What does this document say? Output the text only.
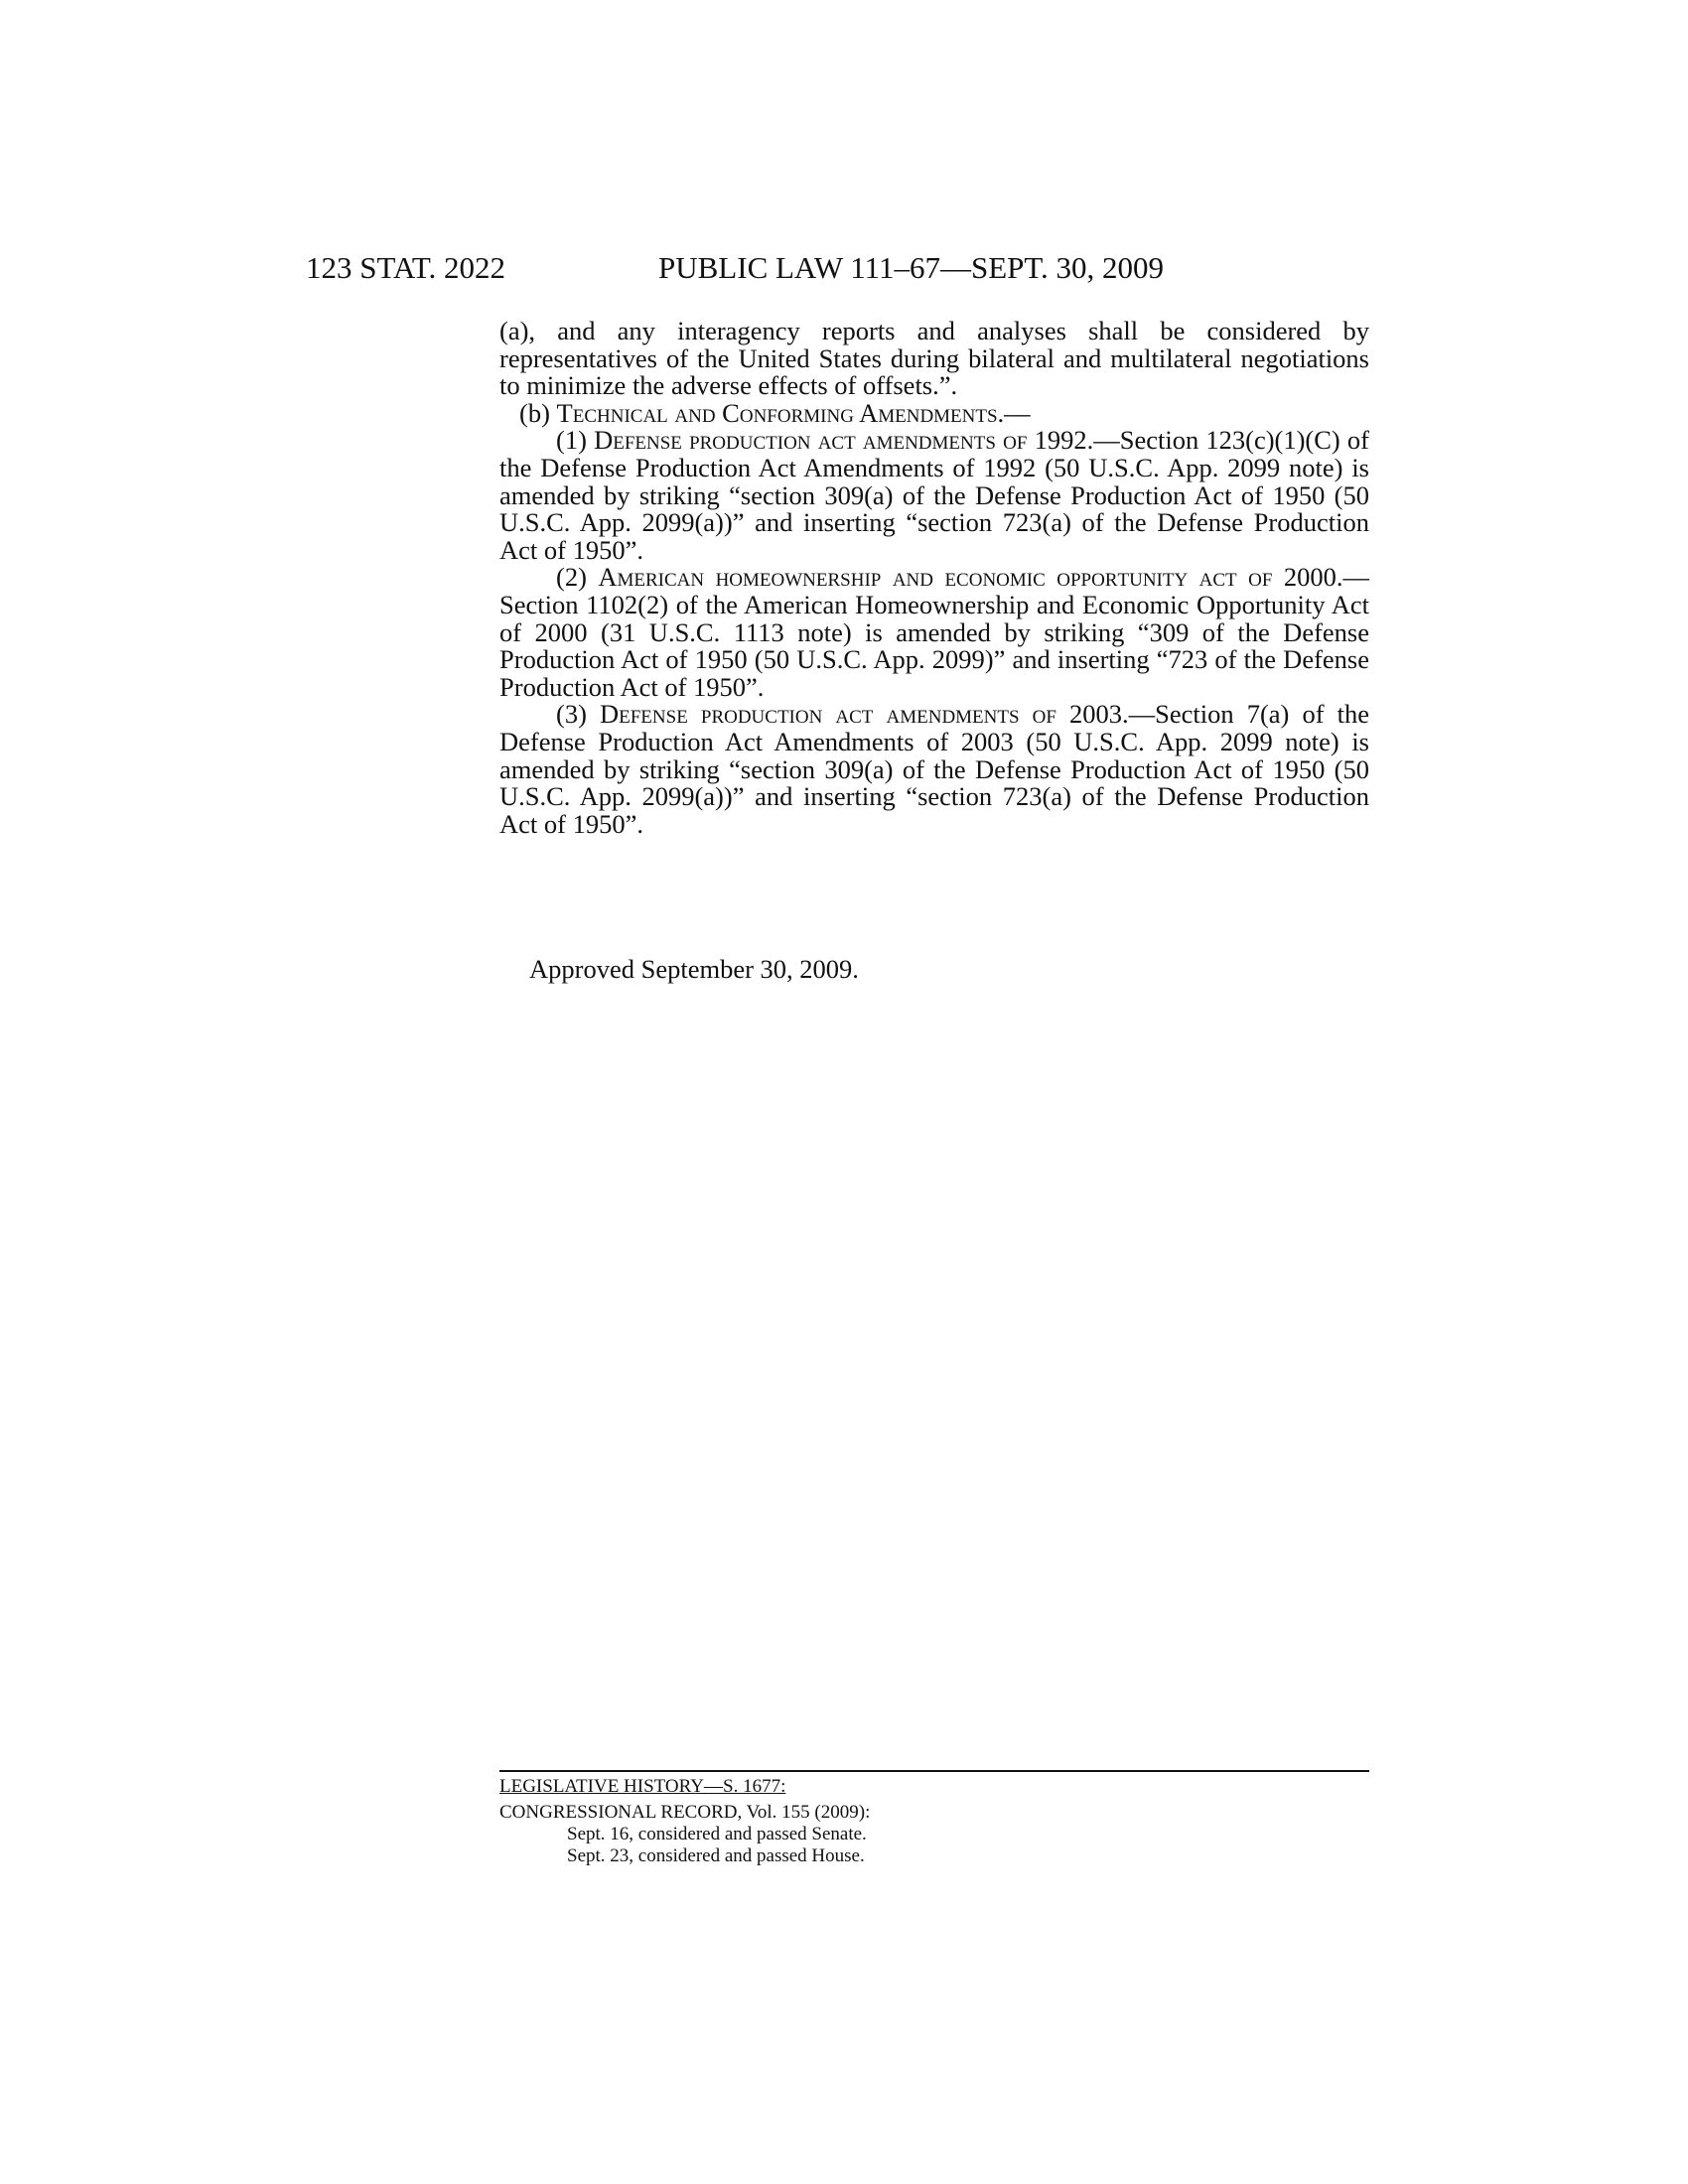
123 STAT. 2022	PUBLIC LAW 111–67—SEPT. 30, 2009

(a), and any interagency reports and analyses shall be considered by representatives of the United States during bilateral and multilateral negotiations to minimize the adverse effects of offsets.”.

(b) Technical and Conforming Amendments.—

(1) Defense production act amendments of 1992.—Section 123(c)(1)(C) of the Defense Production Act Amendments of 1992 (50 U.S.C. App. 2099 note) is amended by striking “section 309(a) of the Defense Production Act of 1950 (50 U.S.C. App. 2099(a))” and inserting “section 723(a) of the Defense Production Act of 1950”.

(2) American homeownership and economic opportunity act of 2000.—Section 1102(2) of the American Homeownership and Economic Opportunity Act of 2000 (31 U.S.C. 1113 note) is amended by striking “309 of the Defense Production Act of 1950 (50 U.S.C. App. 2099)” and inserting “723 of the Defense Production Act of 1950”.

(3) Defense production act amendments of 2003.—Section 7(a) of the Defense Production Act Amendments of 2003 (50 U.S.C. App. 2099 note) is amended by striking “section 309(a) of the Defense Production Act of 1950 (50 U.S.C. App. 2099(a))” and inserting “section 723(a) of the Defense Production Act of 1950”.

Approved September 30, 2009.
LEGISLATIVE HISTORY—S. 1677:
CONGRESSIONAL RECORD, Vol. 155 (2009):
Sept. 16, considered and passed Senate.
Sept. 23, considered and passed House.
